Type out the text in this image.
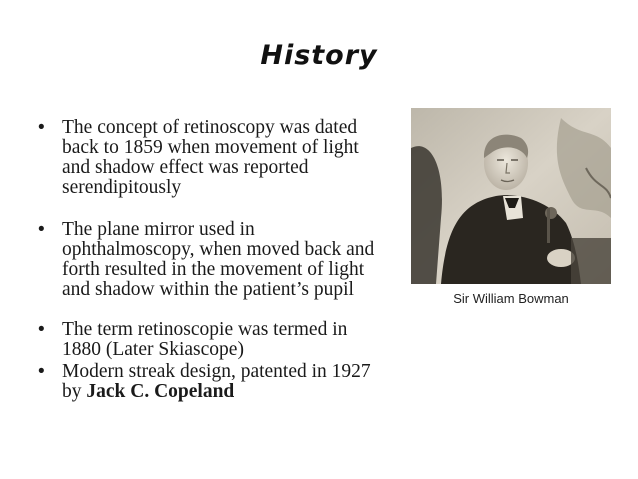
History
• The concept of retinoscopy was dated back to 1859 when movement of light and shadow effect was reported serendipitously
• The plane mirror used in ophthalmoscopy, when moved back and forth resulted in the movement of light and shadow within the patient’s pupil
• The term retinoscopie was termed in 1880 (Later Skiascope)
• Modern streak design, patented in 1927 by Jack C. Copeland
Sir William Bowman
